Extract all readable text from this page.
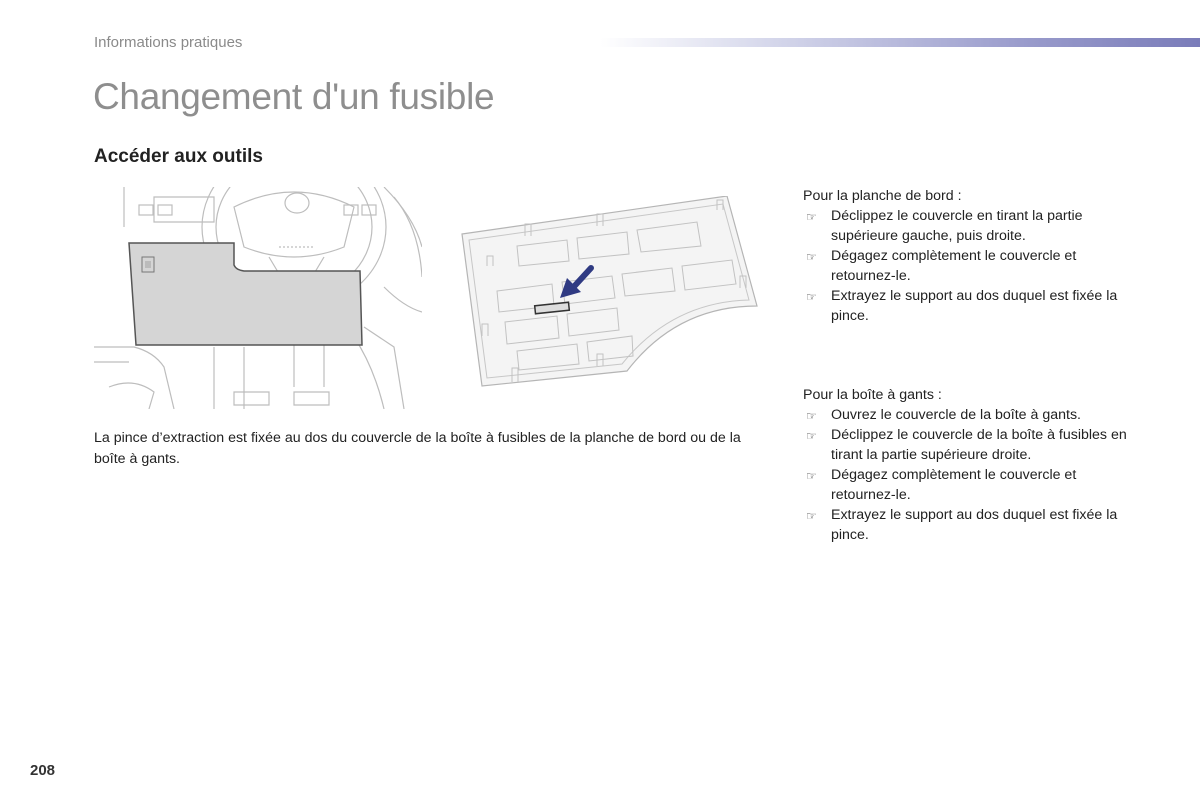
Informations pratiques
Changement d'un fusible
Accéder aux outils
La pince d’extraction est fixée au dos du couvercle de la boîte à fusibles de la planche de bord ou de la boîte à gants.
Pour la planche de bord :
☞ Déclippez le couvercle en tirant la partie supérieure gauche, puis droite.
☞ Dégagez complètement le couvercle et retournez-le.
☞ Extrayez le support au dos duquel est fixée la pince.
Pour la boîte à gants :
☞ Ouvrez le couvercle de la boîte à gants.
☞ Déclippez le couvercle de la boîte à fusibles en tirant la partie supérieure droite.
☞ Dégagez complètement le couvercle et retournez-le.
☞ Extrayez le support au dos duquel est fixée la pince.
208
